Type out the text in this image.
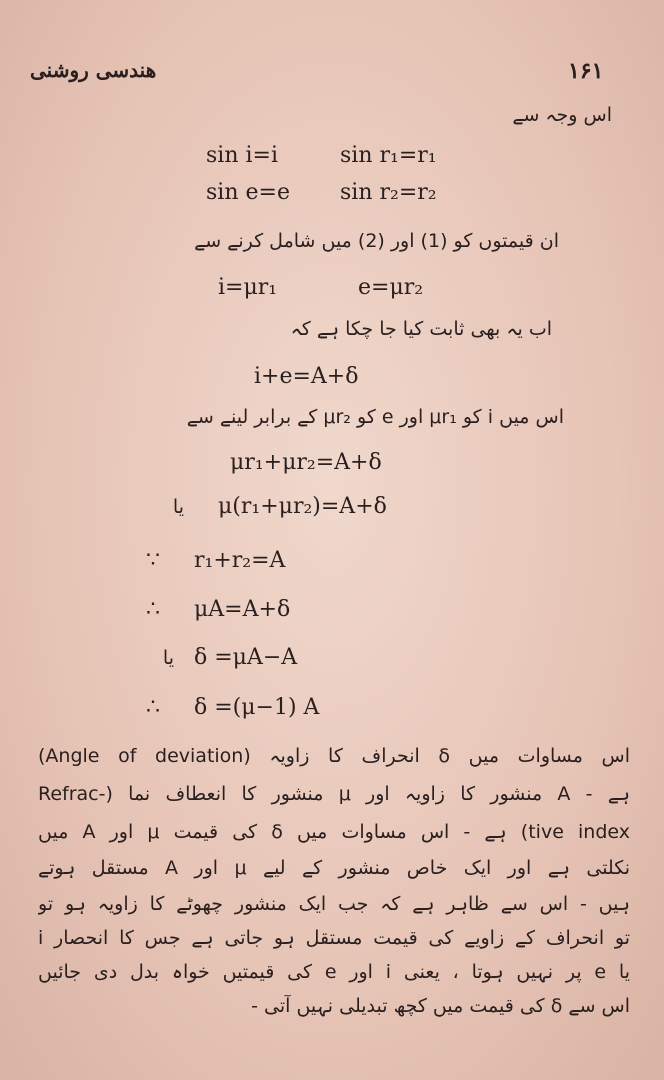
هندسی روشنی	۱۶۱
اس وجہ سے
sin i=i	sin r₁=r₁
sin e=e sin r₂=r₂
ان قیمتوں کو (1) اور (2) میں شامل کرنے سے
i=μr₁	e=μr₂
اب یہ بھی ثابت کیا جا چکا ہے کہ
i+e=A+δ
اس میں i کو μr₁ اور e کو μr₂ کے برابر لینے سے
μr₁+μr₂=A+δ
یا μ(r₁+μr₂)=A+δ
∵ r₁+r₂=A
∴ μA=A+δ
یا δ =μA−A
∴ δ =(μ−1) A
اس مساوات میں δ انحراف کا زاویہ (Angle of deviation)
ہے - A منشور کا زاویہ اور μ منشور کا انعطاف نما (-Refrac
tive index) ہے - اس مساوات میں δ کی قیمت μ اور A میں
نکلتی ہے اور ایک خاص منشور کے لیے μ اور A مستقل ہوتے
ہیں - اس سے ظاہر ہے کہ جب ایک منشور چھوٹے کا زاویہ ہو تو
تو انحراف کے زاویے کی قیمت مستقل ہو جاتی ہے جس کا انحصار i
یا e پر نہیں ہوتا ، یعنی i اور e کی قیمتیں خواہ بدل دی جائیں
اس سے δ کی قیمت میں کچھ تبدیلی نہیں آتی -
